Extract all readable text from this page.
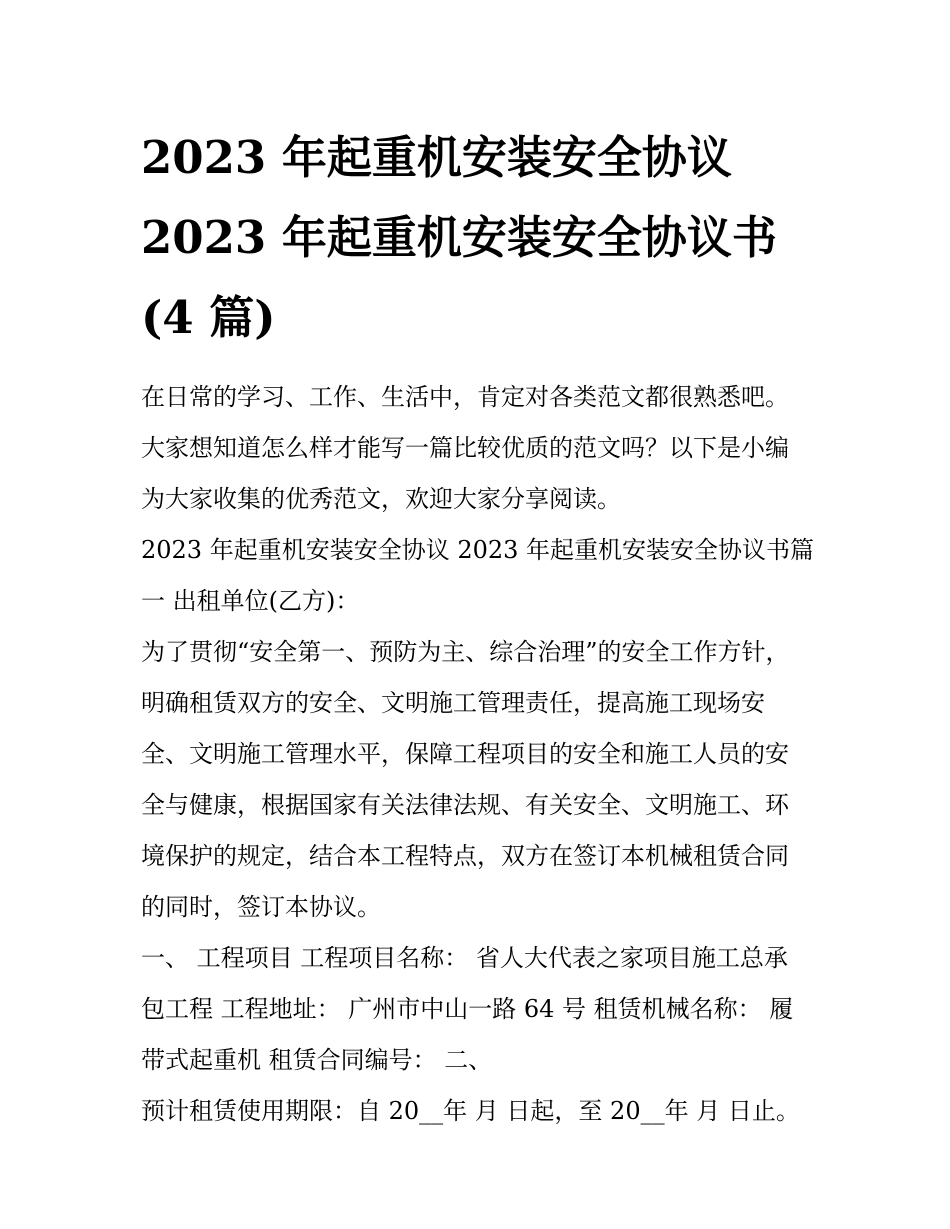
2023 年起重机安装安全协议
2023 年起重机安装安全协议书
(4 篇)

在日常的学习、工作、生活中，肯定对各类范文都很熟悉吧。
大家想知道怎么样才能写一篇比较优质的范文吗？以下是小编
为大家收集的优秀范文，欢迎大家分享阅读。

2023 年起重机安装安全协议 2023 年起重机安装安全协议书篇
一 出租单位(乙方)：

为了贯彻“安全第一、预防为主、综合治理”的安全工作方针，
明确租赁双方的安全、文明施工管理责任，提高施工现场安
全、文明施工管理水平，保障工程项目的安全和施工人员的安
全与健康，根据国家有关法律法规、有关安全、文明施工、环
境保护的规定，结合本工程特点，双方在签订本机械租赁合同
的同时，签订本协议。

一、 工程项目 工程项目名称： 省人大代表之家项目施工总承
包工程 工程地址： 广州市中山一路 64 号 租赁机械名称： 履
带式起重机 租赁合同编号： 二、

预计租赁使用期限：自 20__年 月 日起，至 20__年 月 日止。
